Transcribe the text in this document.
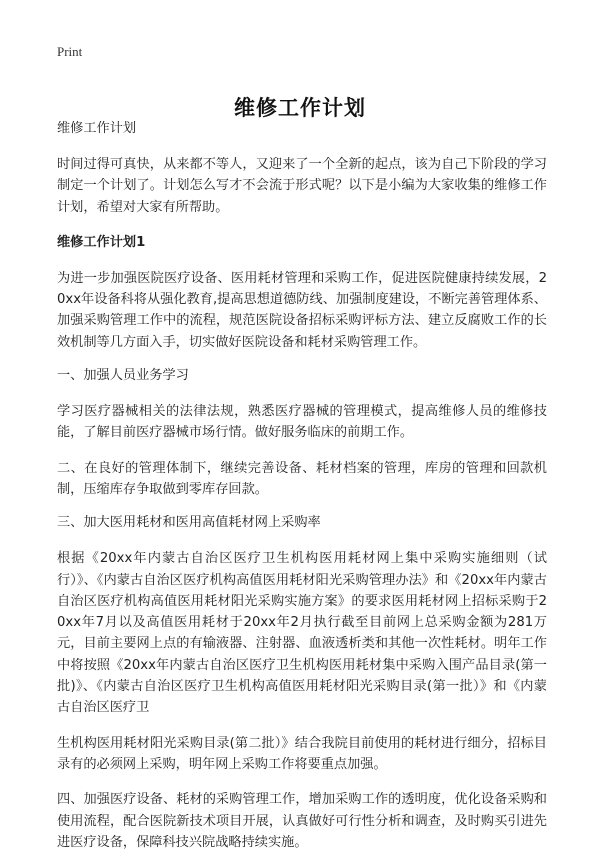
Print
维修工作计划

维修工作计划

时间过得可真快，从来都不等人，又迎来了一个全新的起点，该为自己下阶段的学习制定一个计划了。计划怎么写才不会流于形式呢？以下是小编为大家收集的维修工作计划，希望对大家有所帮助。

维修工作计划1

为进一步加强医院医疗设备、医用耗材管理和采购工作，促进医院健康持续发展，20xx年设备科将从强化教育,提高思想道德防线、加强制度建设，不断完善管理体系、加强采购管理工作中的流程，规范医院设备招标采购评标方法、建立反腐败工作的长效机制等几方面入手，切实做好医院设备和耗材采购管理工作。

一、加强人员业务学习

学习医疗器械相关的法律法规，熟悉医疗器械的管理模式，提高维修人员的维修技能，了解目前医疗器械市场行情。做好服务临床的前期工作。

二、在良好的管理体制下，继续完善设备、耗材档案的管理，库房的管理和回款机制，压缩库存争取做到零库存回款。

三、加大医用耗材和医用高值耗材网上采购率

根据《20xx年内蒙古自治区医疗卫生机构医用耗材网上集中采购实施细则（试行）》、《内蒙古自治区医疗机构高值医用耗材阳光采购管理办法》和《20xx年内蒙古自治区医疗机构高值医用耗材阳光采购实施方案》的要求医用耗材网上招标采购于20xx年7月以及高值医用耗材于20xx年2月执行截至目前网上总采购金额为281万元，目前主要网上点的有输液器、注射器、血液透析类和其他一次性耗材。明年工作中将按照《20xx年内蒙古自治区医疗卫生机构医用耗材集中采购入围产品目录(第一批)》、《内蒙古自治区医疗卫生机构高值医用耗材阳光采购目录(第一批）》和《内蒙古自治区医疗卫

生机构医用耗材阳光采购目录(第二批）》结合我院目前使用的耗材进行细分，招标目录有的必须网上采购，明年网上采购工作将要重点加强。

四、加强医疗设备、耗材的采购管理工作，增加采购工作的透明度，优化设备采购和使用流程，配合医院新技术项目开展，认真做好可行性分析和调查，及时购买引进先进医疗设备，保障科技兴院战略持续实施。
